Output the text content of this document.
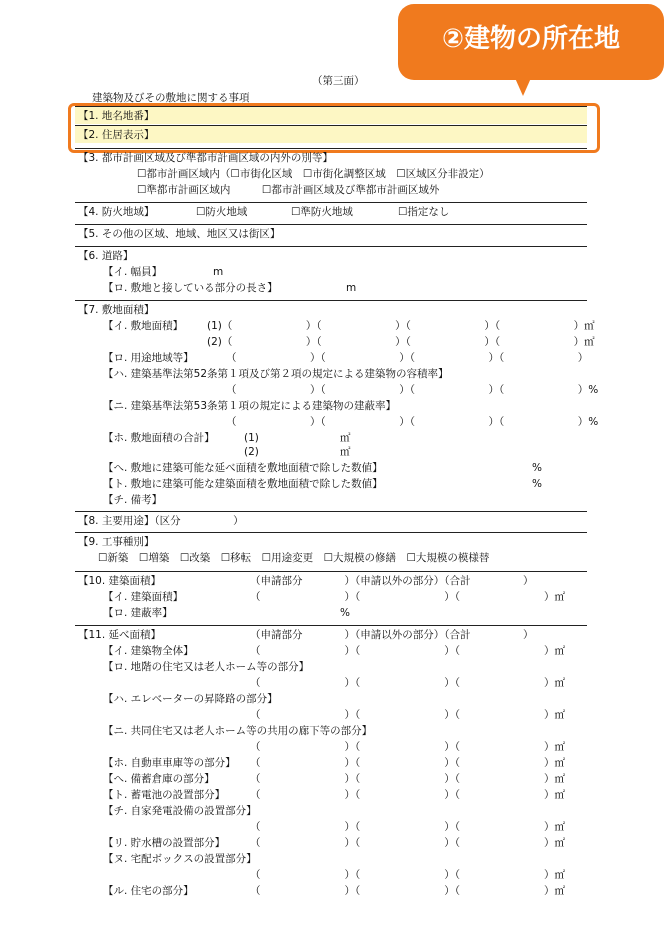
②建物の所在地
（第三面）
建築物及びその敷地に関する事項
【1. 地名地番】
【2. 住居表示】
【3. 都市計画区域及び準都市計画区域の内外の別等】
☐都市計画区域内（☐市街化区域　☐市街化調整区域　☐区域区分非設定）
☐準都市計画区域内　　　☐都市計画区域及び準都市計画区域外
【4. 防火地域】	☐防火地域	☐準防火地域	☐指定なし
【5. その他の区域、地域、地区又は街区】
【6. 道路】
【イ. 幅員】	m
【ロ. 敷地と接している部分の長さ】	m
【7. 敷地面積】
【イ. 敷地面積】 (1)（　　　　　　　）（　　　　　　　）（　　　　　　　）（　　　　　　　）㎡
(2)（　　　　　　　）（　　　　　　　）（　　　　　　　）（　　　　　　　）㎡
【ロ. 用途地域等】	（　　　　　　　）（　　　　　　　）（　　　　　　　）（　　　　　　　）
【ハ. 建築基準法第52条第１項及び第２項の規定による建築物の容積率】
（　　　　　　　）（　　　　　　　）（　　　　　　　）（　　　　　　　）%
【ニ. 建築基準法第53条第１項の規定による建築物の建蔽率】
（　　　　　　　）（　　　　　　　）（　　　　　　　）（　　　　　　　）%
【ホ. 敷地面積の合計】	(1)	㎡
(2)	㎡
【へ. 敷地に建築可能な延べ面積を敷地面積で除した数値】	%
【ト. 敷地に建築可能な建築面積を敷地面積で除した数値】	%
【チ. 備考】
【8. 主要用途】（区分　　　　　）
【9. 工事種別】
☐新築　☐増築　☐改築　☐移転　☐用途変更　☐大規模の修繕　☐大規模の模様替
【10. 建築面積】	（申請部分　　　　）（申請以外の部分）（合計　　　　　）
【イ. 建築面積】	（　　　　　　　　）（　　　　　　　　）（　　　　　　　　）㎡
【ロ. 建蔽率】	%
【11. 延べ面積】	（申請部分　　　　）（申請以外の部分）（合計　　　　　）
【イ. 建築物全体】	（　　　　　　　　）（　　　　　　　　）（　　　　　　　　）㎡
【ロ. 地階の住宅又は老人ホーム等の部分】
（　　　　　　　　）（　　　　　　　　）（　　　　　　　　）㎡
【ハ. エレベーターの昇降路の部分】
（　　　　　　　　）（　　　　　　　　）（　　　　　　　　）㎡
【ニ. 共同住宅又は老人ホーム等の共用の廊下等の部分】
（　　　　　　　　）（　　　　　　　　）（　　　　　　　　）㎡
【ホ. 自動車車庫等の部分】 （　　　　　　　　）（　　　　　　　　）（　　　　　　　　）㎡
【へ. 備蓄倉庫の部分】	（　　　　　　　　）（　　　　　　　　）（　　　　　　　　）㎡
【ト. 蓄電池の設置部分】 （　　　　　　　　）（　　　　　　　　）（　　　　　　　　）㎡
【チ. 自家発電設備の設置部分】
（　　　　　　　　）（　　　　　　　　）（　　　　　　　　）㎡
【リ. 貯水槽の設置部分】 （　　　　　　　　）（　　　　　　　　）（　　　　　　　　）㎡
【ヌ. 宅配ボックスの設置部分】
（　　　　　　　　）（　　　　　　　　）（　　　　　　　　）㎡
【ル. 住宅の部分】	（　　　　　　　　）（　　　　　　　　）（　　　　　　　　）㎡
